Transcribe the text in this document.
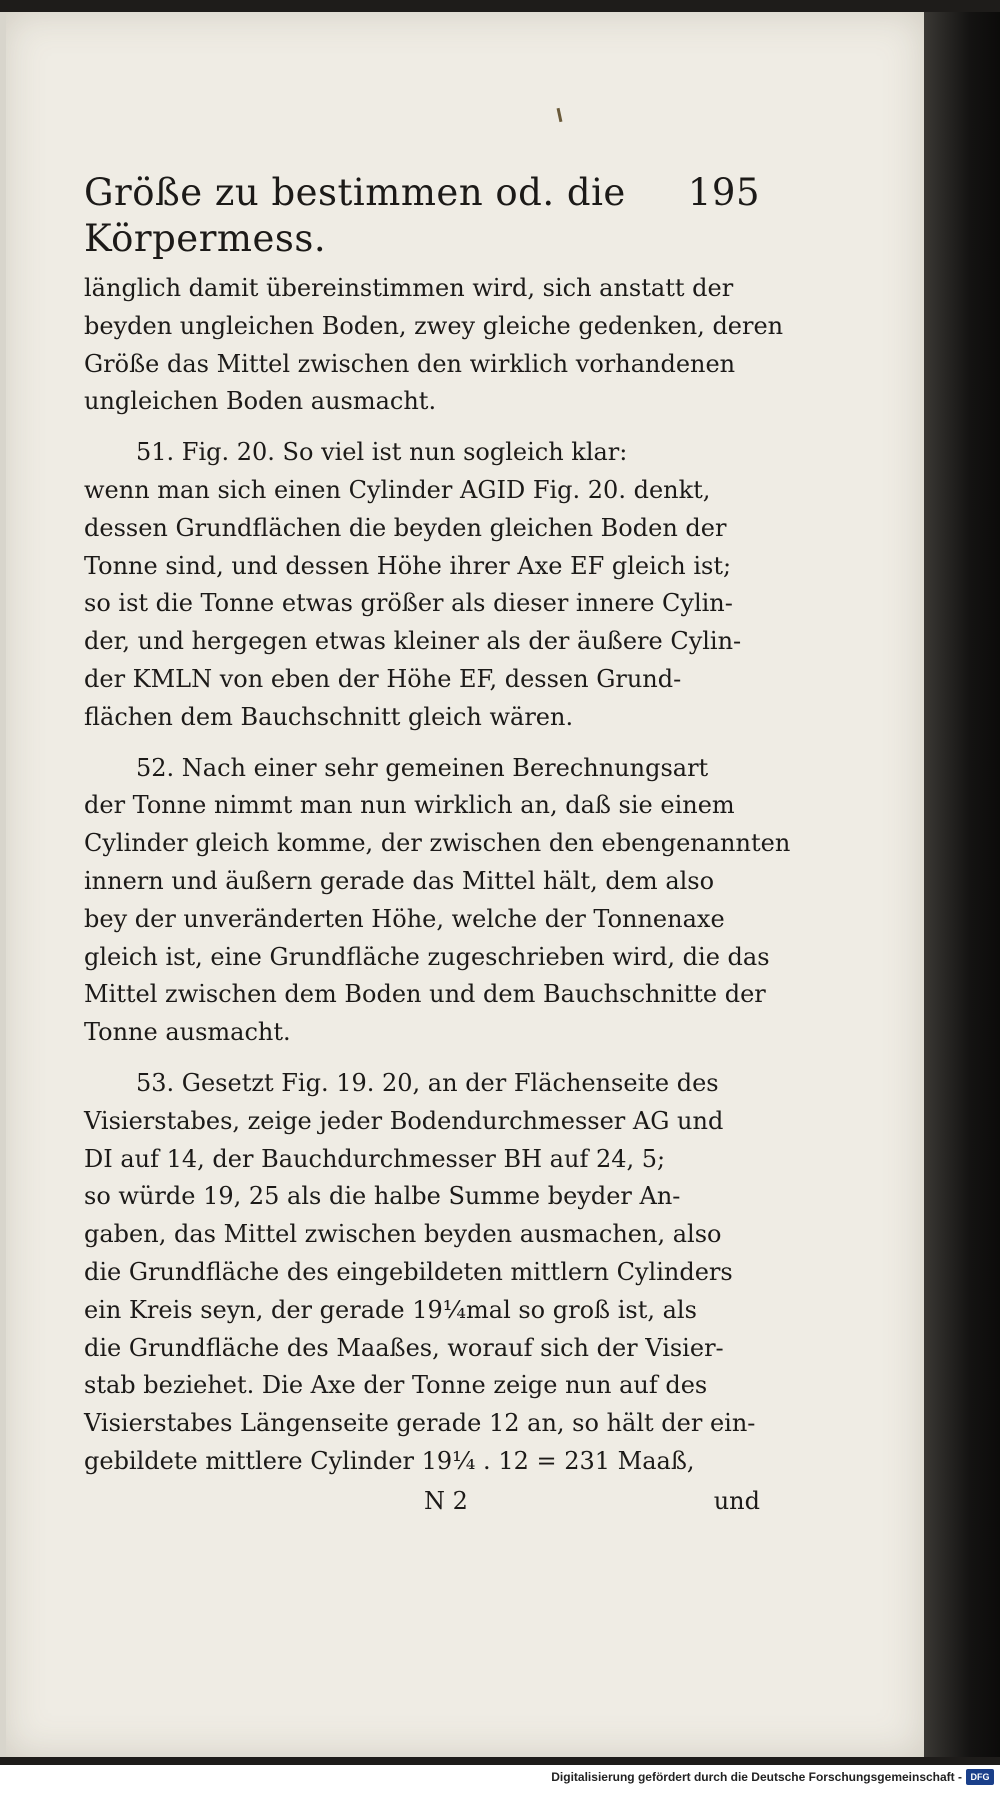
Größe zu bestimmen od. die Körpermess.
195

länglich damit übereinstimmen wird, sich anstatt der
beyden ungleichen Boden, zwey gleiche gedenken, deren
Größe das Mittel zwischen den wirklich vorhandenen
ungleichen Boden ausmacht.

51. Fig. 20. So viel ist nun sogleich klar:
wenn man sich einen Cylinder AGID Fig. 20. denkt,
dessen Grundflächen die beyden gleichen Boden der
Tonne sind, und dessen Höhe ihrer Axe EF gleich ist;
so ist die Tonne etwas größer als dieser innere Cylin-
der, und hergegen etwas kleiner als der äußere Cylin-
der KMLN von eben der Höhe EF, dessen Grund-
flächen dem Bauchschnitt gleich wären.

52. Nach einer sehr gemeinen Berechnungsart
der Tonne nimmt man nun wirklich an, daß sie einem
Cylinder gleich komme, der zwischen den ebengenannten
innern und äußern gerade das Mittel hält, dem also
bey der unveränderten Höhe, welche der Tonnenaxe
gleich ist, eine Grundfläche zugeschrieben wird, die das
Mittel zwischen dem Boden und dem Bauchschnitte der
Tonne ausmacht.

53. Gesetzt Fig. 19. 20, an der Flächenseite des
Visierstabes, zeige jeder Bodendurchmesser AG und
DI auf 14, der Bauchdurchmesser BH auf 24, 5;
so würde 19, 25 als die halbe Summe beyder An-
gaben, das Mittel zwischen beyden ausmachen, also
die Grundfläche des eingebildeten mittlern Cylinders
ein Kreis seyn, der gerade 19¼mal so groß ist, als
die Grundfläche des Maaßes, worauf sich der Visier-
stab beziehet. Die Axe der Tonne zeige nun auf des
Visierstabes Längenseite gerade 12 an, so hält der ein-
gebildete mittlere Cylinder 19¼ . 12 = 231 Maaß,

N 2	und
Digitalisierung gefördert durch die Deutsche Forschungsgemeinschaft - DFG
